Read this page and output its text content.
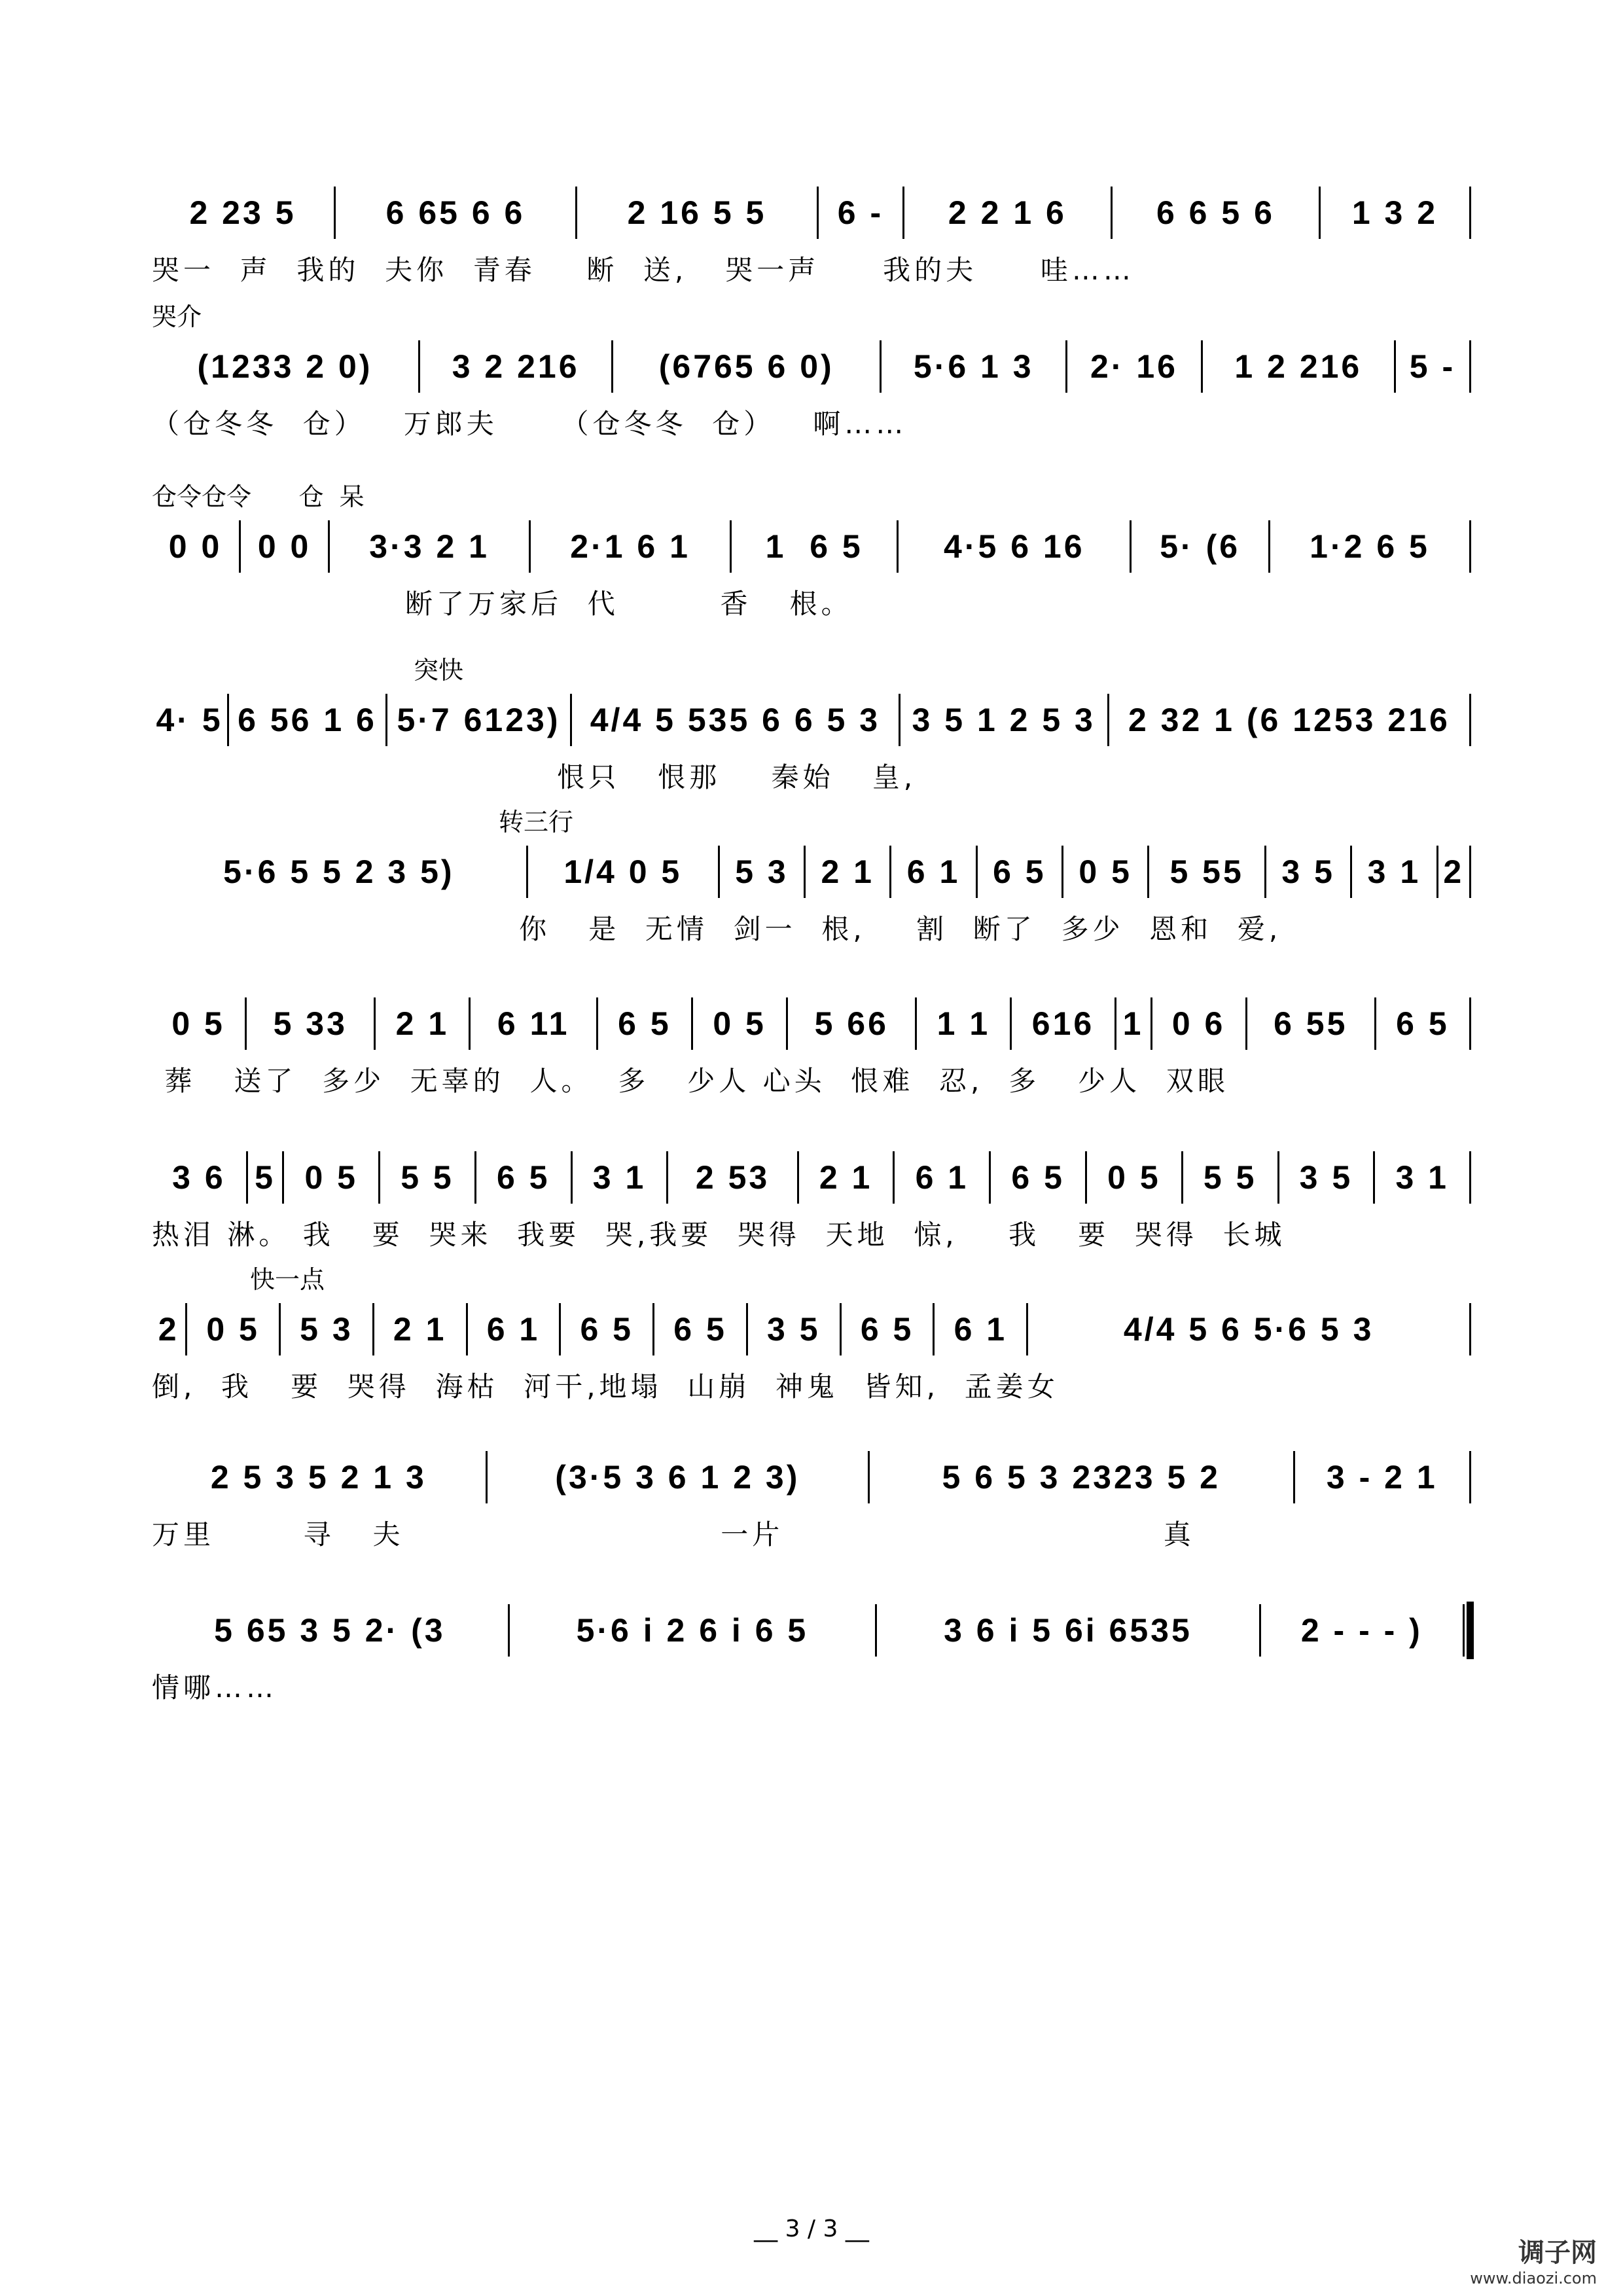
2 23 5	6 65 6 6	2 16 5 5	6 -	2 2 1 6	6 6 5 6	1 3 2
哭一  声  我的  夫你  青春    断  送,   哭一声     我的夫     哇……
哭介
(1233 2 0)	3 2 216	(6765 6 0)	5·6 1 3	2· 16	1 2 216	5 -
（仓冬冬  仓）   万郎夫     （仓冬冬  仓）   啊……
仓令仓令      仓  呆
0 0	0 0	3·3 2 1	2·1 6 1	1  6 5	4·5 6 16	5· (6	1·2 6 5
断了万家后  代        香   根。
突快
4· 5 6 56 1 6 5·7 6123) 4/4 5 535 6 6 5 3 3 5 1 2 5 3	2 32 1 (6 1253 216
恨只   恨那    秦始   皇,
转三行
5·6 5 5 2 3 5)	1/4 0 5	5 3 2 1 6 1 6 5 0 5	5 55	3 5 3 1 2
你   是  无情  剑一  根,    割  断了  多少  恩和  爱,
0 5	5 33	2 1	6 11	6 5	0 5	5 66	1 1	616 1 0 6	6 55	6 5
葬   送了  多少  无辜的  人。  多   少人 心头  恨难  忍,  多   少人  双眼
3 6 5 0 5	5 5	6 5	3 1	2 53	2 1	6 1	6 5	0 5	5 5	3 5	3 1
热泪 淋。 我   要  哭来  我要  哭,我要  哭得  天地  惊,    我   要  哭得  长城
快一点
2 0 5	5 3	2 1	6 1	6 5	6 5	3 5	6 5	6 1	4/4 5 6 5·6 5 3
倒,  我   要  哭得  海枯  河干,地塌  山崩  神鬼  皆知,  孟姜女
2 5 3 5 2 1 3	(3·5 3 6 1 2 3)	5 6 5 3 2323 5 2	3 - 2 1
万里       寻   夫                         一片                              真
5 65 3 5 2· (3	5·6 i 2 6 i 6 5	3 6 i 5 6i 6535	2 - - - )
情哪……
__ 3 / 3 __
调子网
www.diaozi.com
